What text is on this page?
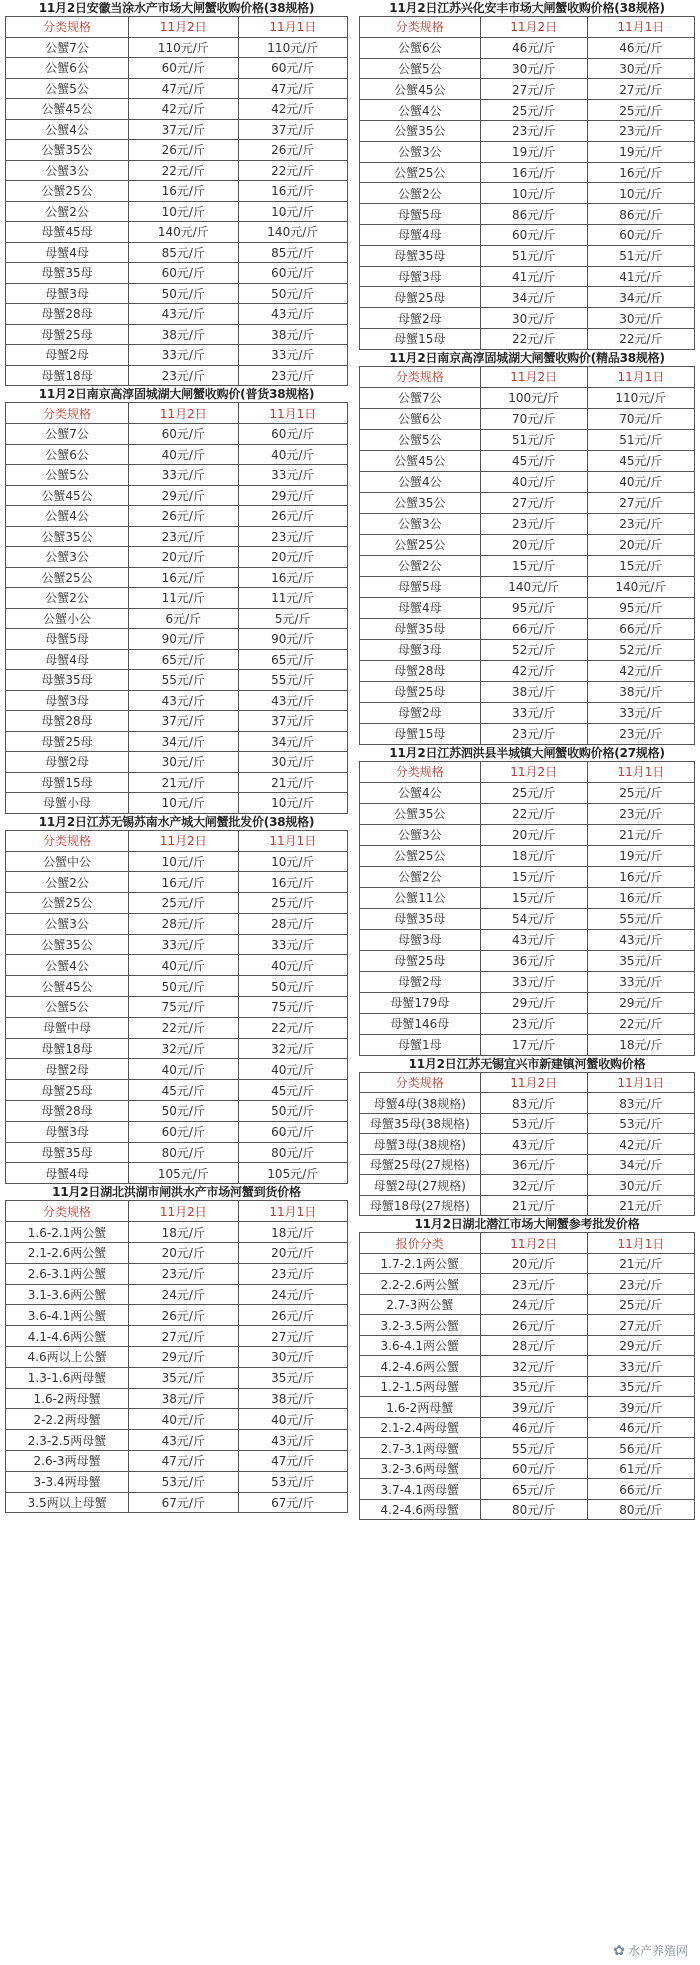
11月2日安徽当涂水产市场大闸蟹收购价格(38规格)
分类规格	11月2日	11月1日
公蟹7公	110元/斤	110元/斤
公蟹6公	60元/斤	60元/斤
公蟹5公	47元/斤	47元/斤
公蟹45公	42元/斤	42元/斤
公蟹4公	37元/斤	37元/斤
公蟹35公	26元/斤	26元/斤
公蟹3公	22元/斤	22元/斤
公蟹25公	16元/斤	16元/斤
公蟹2公	10元/斤	10元/斤
母蟹45母	140元/斤	140元/斤
母蟹4母	85元/斤	85元/斤
母蟹35母	60元/斤	60元/斤
母蟹3母	50元/斤	50元/斤
母蟹28母	43元/斤	43元/斤
母蟹25母	38元/斤	38元/斤
母蟹2母	33元/斤	33元/斤
母蟹18母	23元/斤	23元/斤
11月2日南京高淳固城湖大闸蟹收购价(普货38规格)
分类规格	11月2日	11月1日
公蟹7公	60元/斤	60元/斤
公蟹6公	40元/斤	40元/斤
公蟹5公	33元/斤	33元/斤
公蟹45公	29元/斤	29元/斤
公蟹4公	26元/斤	26元/斤
公蟹35公	23元/斤	23元/斤
公蟹3公	20元/斤	20元/斤
公蟹25公	16元/斤	16元/斤
公蟹2公	11元/斤	11元/斤
公蟹小公	6元/斤	5元/斤
母蟹5母	90元/斤	90元/斤
母蟹4母	65元/斤	65元/斤
母蟹35母	55元/斤	55元/斤
母蟹3母	43元/斤	43元/斤
母蟹28母	37元/斤	37元/斤
母蟹25母	34元/斤	34元/斤
母蟹2母	30元/斤	30元/斤
母蟹15母	21元/斤	21元/斤
母蟹小母	10元/斤	10元/斤
11月2日江苏无锡苏南水产城大闸蟹批发价(38规格)
分类规格	11月2日	11月1日
公蟹中公	10元/斤	10元/斤
公蟹2公	16元/斤	16元/斤
公蟹25公	25元/斤	25元/斤
公蟹3公	28元/斤	28元/斤
公蟹35公	33元/斤	33元/斤
公蟹4公	40元/斤	40元/斤
公蟹45公	50元/斤	50元/斤
公蟹5公	75元/斤	75元/斤
母蟹中母	22元/斤	22元/斤
母蟹18母	32元/斤	32元/斤
母蟹2母	40元/斤	40元/斤
母蟹25母	45元/斤	45元/斤
母蟹28母	50元/斤	50元/斤
母蟹3母	60元/斤	60元/斤
母蟹35母	80元/斤	80元/斤
母蟹4母	105元/斤	105元/斤
11月2日湖北洪湖市闸洪水产市场河蟹到货价格
分类规格	11月2日	11月1日
1.6-2.1两公蟹	18元/斤	18元/斤
2.1-2.6两公蟹	20元/斤	20元/斤
2.6-3.1两公蟹	23元/斤	23元/斤
3.1-3.6两公蟹	24元/斤	24元/斤
3.6-4.1两公蟹	26元/斤	26元/斤
4.1-4.6两公蟹	27元/斤	27元/斤
4.6两以上公蟹	29元/斤	30元/斤
1.3-1.6两母蟹	35元/斤	35元/斤
1.6-2两母蟹	38元/斤	38元/斤
2-2.2两母蟹	40元/斤	40元/斤
2.3-2.5两母蟹	43元/斤	43元/斤
2.6-3两母蟹	47元/斤	47元/斤
3-3.4两母蟹	53元/斤	53元/斤
3.5两以上母蟹	67元/斤	67元/斤
11月2日江苏兴化安丰市场大闸蟹收购价格(38规格)
分类规格	11月2日	11月1日
公蟹6公	46元/斤	46元/斤
公蟹5公	30元/斤	30元/斤
公蟹45公	27元/斤	27元/斤
公蟹4公	25元/斤	25元/斤
公蟹35公	23元/斤	23元/斤
公蟹3公	19元/斤	19元/斤
公蟹25公	16元/斤	16元/斤
公蟹2公	10元/斤	10元/斤
母蟹5母	86元/斤	86元/斤
母蟹4母	60元/斤	60元/斤
母蟹35母	51元/斤	51元/斤
母蟹3母	41元/斤	41元/斤
母蟹25母	34元/斤	34元/斤
母蟹2母	30元/斤	30元/斤
母蟹15母	22元/斤	22元/斤
11月2日南京高淳固城湖大闸蟹收购价(精品38规格)
分类规格	11月2日	11月1日
公蟹7公	100元/斤	110元/斤
公蟹6公	70元/斤	70元/斤
公蟹5公	51元/斤	51元/斤
公蟹45公	45元/斤	45元/斤
公蟹4公	40元/斤	40元/斤
公蟹35公	27元/斤	27元/斤
公蟹3公	23元/斤	23元/斤
公蟹25公	20元/斤	20元/斤
公蟹2公	15元/斤	15元/斤
母蟹5母	140元/斤	140元/斤
母蟹4母	95元/斤	95元/斤
母蟹35母	66元/斤	66元/斤
母蟹3母	52元/斤	52元/斤
母蟹28母	42元/斤	42元/斤
母蟹25母	38元/斤	38元/斤
母蟹2母	33元/斤	33元/斤
母蟹15母	23元/斤	23元/斤
11月2日江苏泗洪县半城镇大闸蟹收购价格(27规格)
分类规格	11月2日	11月1日
公蟹4公	25元/斤	25元/斤
公蟹35公	22元/斤	23元/斤
公蟹3公	20元/斤	21元/斤
公蟹25公	18元/斤	19元/斤
公蟹2公	15元/斤	16元/斤
公蟹11公	15元/斤	16元/斤
母蟹35母	54元/斤	55元/斤
母蟹3母	43元/斤	43元/斤
母蟹25母	36元/斤	35元/斤
母蟹2母	33元/斤	33元/斤
母蟹179母	29元/斤	29元/斤
母蟹146母	23元/斤	22元/斤
母蟹1母	17元/斤	18元/斤
11月2日江苏无锡宜兴市新建镇河蟹收购价格
分类规格	11月2日	11月1日
母蟹4母(38规格)	83元/斤	83元/斤
母蟹35母(38规格)	53元/斤	53元/斤
母蟹3母(38规格)	43元/斤	42元/斤
母蟹25母(27规格)	36元/斤	34元/斤
母蟹2母(27规格)	32元/斤	30元/斤
母蟹18母(27规格)	21元/斤	21元/斤
11月2日湖北潜江市场大闸蟹参考批发价格
报价分类	11月2日	11月1日
1.7-2.1两公蟹	20元/斤	21元/斤
2.2-2.6两公蟹	23元/斤	23元/斤
2.7-3两公蟹	24元/斤	25元/斤
3.2-3.5两公蟹	26元/斤	27元/斤
3.6-4.1两公蟹	28元/斤	29元/斤
4.2-4.6两公蟹	32元/斤	33元/斤
1.2-1.5两母蟹	35元/斤	35元/斤
1.6-2两母蟹	39元/斤	39元/斤
2.1-2.4两母蟹	46元/斤	46元/斤
2.7-3.1两母蟹	55元/斤	56元/斤
3.2-3.6两母蟹	60元/斤	61元/斤
3.7-4.1两母蟹	65元/斤	66元/斤
4.2-4.6两母蟹	80元/斤	80元/斤
✿ 水产养殖网
